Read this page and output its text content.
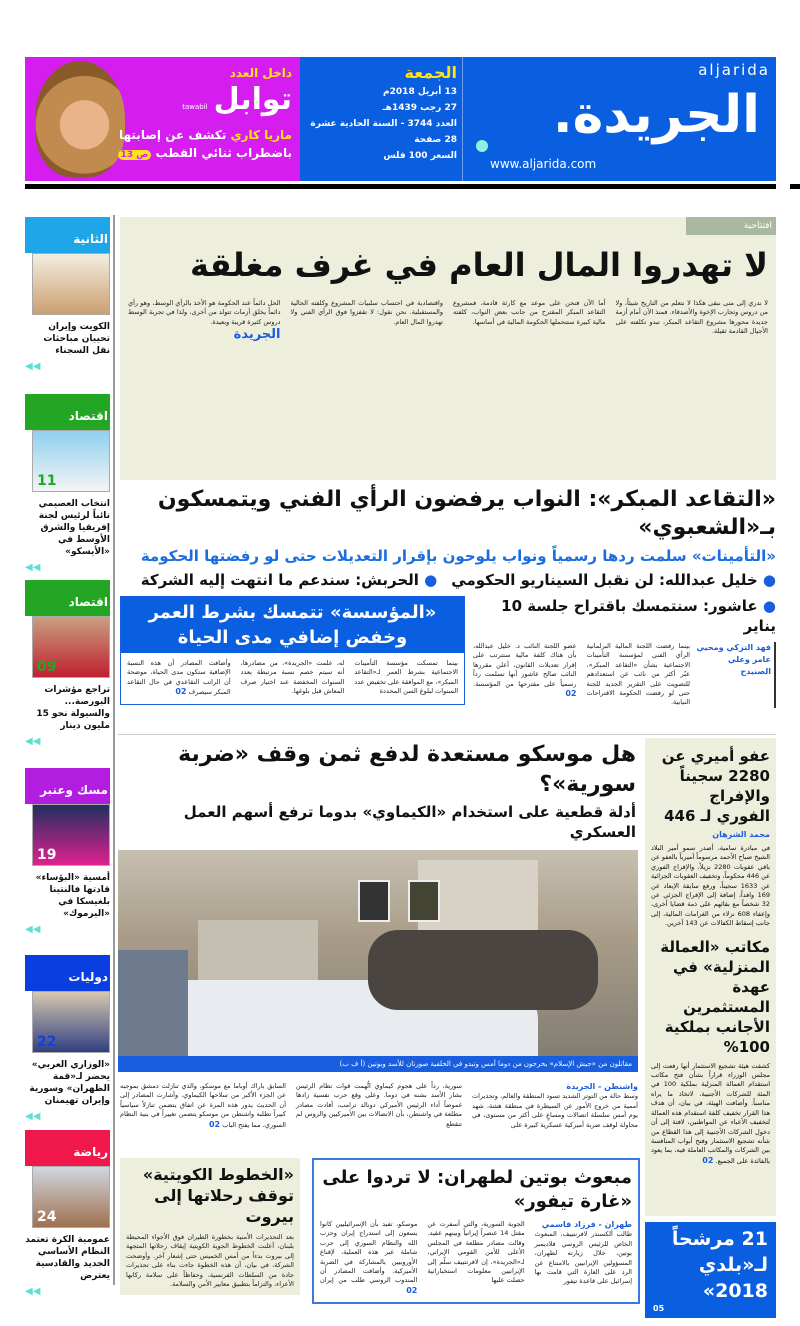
aljarida
الجريدة.
www.aljarida.com
الجمعة
13 أبريل 2018م
27 رجب 1439هـ
العدد 3744 - السنة الحادية عشرة
28 صفحة
السعر 100 فلس
داخل العدد
توابلtawabil
ماريا كاري تكشف عن إصابتها
باضطراب ثنائي القطب ص 13
الثانية
الكويت وإيران تحييان مباحثات نقل السجناء
◀◀
اقتصاد
11
انتخاب العصيمي نائباً لرئيس لجنة إفريقيا والشرق الأوسط في «الأيسكو»
◀◀
اقتصاد
09
تراجع مؤشرات البورصة... والسيولة نحو 15 مليون دينار
◀◀
مسك وعنبر
19
أمسية «البؤساء» قادتها فالنتينا بلغيسكا في «اليرموك»
◀◀
دوليات
22
«الوزاري العربي» يحضر لـ«قمة الظهران» وسورية وإيران تهيمنان
◀◀
رياضة
24
عمومية الكرة تعتمد النظام الأساسي الجديد والقادسية يعترض
◀◀
افتتاحية
لا تهدروا المال العام في غرف مغلقة
لا ندري إلى متى نبقى هكذا لا نتعلم من التاريخ شيئاً، ولا من دروس وتجارب الإخوة والأصدقاء. فمنذ الآن أمام أزمة جديدة محورها مشروع التقاعد المبكر، تبدو تكلفته على الأجيال القادمة ثقيلة.
أما الآن فنحن على موعد مع كارثة قادمة، فمشروع التقاعد المبكر المقترح من جانب بعض النواب، كلفته مالية كبيرة ستتحملها الحكومة المالية في أساسها.
واقتصادية في احتساب سلبيات المشروع وكلفته الحالية والمستقبلية. نحن نقول: لا تقفزوا فوق الرأي الفني ولا تهدروا المال العام.
الحل دائماً عند الحكومة هو الأخذ بالرأي الوسط، وهو رأي دائماً يخلق أزمات تتولد من أخرى، ولذا في تجربة الوسط دروس كثيرة قريبة وبعيدة.
الجريدة
«التقاعد المبكر»: النواب يرفضون الرأي الفني ويتمسكون بـ«الشعبوي»
«التأمينات» سلمت ردها رسمياً ونواب يلوحون بإقرار التعديلات حتى لو رفضتها الحكومة
● خليل عبدالله: لن نقبل السيناريو الحكومي● الحربش: سندعم ما انتهت إليه الشركة
● عاشور: سنتمسك باقتراح جلسة 10 يناير
فهد التركي ومحيي عامر وعلي الصنيدح
بينما رفضت اللجنة المالية البرلمانية الرأي الفني لمؤسسة التأمينات الاجتماعية بشأن «التقاعد المبكر»، عبّر أكثر من نائب عن استعدادهم للتصويت على التقرير الجديد للجنة حتى لو رفضت الحكومة الاقتراحات النيابية.
عضو اللجنة النائب د. خليل عبدالله، بأن هناك كلفة مالية ستترتب على إقرار تعديلات القانون، أعلن مقررها النائب صالح عاشور أنها تسلمت رداً رسمياً على مقترحها من المؤسسة. 02
«المؤسسة» تتمسك بشرط العمر وخفض إضافي مدى الحياة
بينما تمسكت مؤسسة التأمينات الاجتماعية بشرط العمر لـ«التقاعد المبكر»، مع الموافقة على تخفيض عدد السنوات لبلوغ السن المحددة
له، علمت «الجريدة»، من مصادرها، أنه سيتم خصم نسبة مرتبطة بعدد السنوات المخفضة عند اختيار صرف المعاش قبل بلوغها.
وأضافت المصادر أن هذه النسبة الإضافية ستكون مدى الحياة، موضحة أن الراتب التقاعدي في حال التقاعد المبكر سيصرف 02
هل موسكو مستعدة لدفع ثمن وقف «ضربة سورية»؟
أدلة قطعية على استخدام «الكيماوي» بدوما ترفع أسهم العمل العسكري
مقاتلون من «جيش الإسلام» يخرجون من دوما أمس وتبدو في الخلفية صورتان للأسد وبوتين (أ ف ب)
واشنطن - الجريدة
وسط حالة من التوتر الشديد تسود المنطقة والعالم، وتحذيرات أممية من خروج الأمور عن السيطرة في منطقة هشة، شهد يوم أمس سلسلة اتصالات ومساعٍ على أكثر من مستوى، في محاولة لوقف ضربة أميركية عسكرية كبيرة على
سورية، رداً على هجوم كيماوي اتُّهمت قوات نظام الرئيس بشار الأسد بشنه في دوما. وعلى وقع حرب نفسية زادها غموضاً أداء الرئيس الأميركي دونالد ترامب، أفادت مصادر مطلعة في واشنطن، بأن الاتصالات بين الأميركيين والروس لم تنقطع
السابق باراك أوباما مع موسكو، والذي تنازلت دمشق بموجبه عن الجزء الأكبر من سلاحها الكيماوي. وأشارت المصادر إلى أن الحديث يدور هذه المرة عن اتفاق يتضمن تنازلاً سياسياً كبيراً تطلبه واشنطن من موسكو يتضمن تغييراً في بنية النظام السوري، مما يفتح الباب 02
عفو أميري عن 2280 سجيناً والإفراج الفوري لـ 446
محمد الشرهان
في مبادرة سامية، أصدر سمو أمير البلاد الشيخ صباح الأحمد مرسوماً أميرياً بالعفو عن باقي عقوبات 2280 نزيلاً، والإفراج الفوري عن 446 محكوماً، وتخفيف العقوبات الجزائية عن 1633 سجيناً، ورفع سابقة الإبعاد عن 169 وافداً، إضافة إلى الإفراج الجزئي عن 32 شخصاً مع بقائهم على ذمة قضايا أخرى، وإعفاء 608 نزلاء من الغرامات المالية، إلى جانب إسقاط الكفالات عن 143 آخرين.
مكاتب «العمالة المنزلية» في عهدة المستثمرين الأجانب بملكية 100%
كشفت هيئة تشجيع الاستثمار أنها رفعت إلى مجلس الوزراء قراراً بشأن فتح مكاتب استقدام العمالة المنزلية بملكية 100 في المئة للشركات الأجنبية، لاتخاذ ما يراه مناسباً. وأضافت الهيئة، في بيان، أن هدف هذا القرار تخفيف كلفة استقدام هذه العمالة لتخفيف الأعباء عن المواطنين، لافتة إلى أن دخول الشركات الأجنبية إلى هذا القطاع من شأنه تشجيع الاستثمار وفتح أبواب المنافسة بين الشركات والمكاتب العاملة فيه، بما يعود بالفائدة على الجميع. 02
«الخطوط الكويتية» توقف رحلاتها إلى بيروت
بعد التحذيرات الأمنية بخطورة الطيران فوق الأجواء المحيطة بلبنان، أعلنت الخطوط الجوية الكويتية إيقاف رحلاتها المتجهة إلى بيروت بدءاً من أمس الخميس حتى إشعار آخر. وأوضحت الشركة، في بيان، أن هذه الخطوة جاءت بناء على تحذيرات جادة من السلطات الفرنسية، وحفاظاً على سلامة ركابها الأعزاء، والتزاماً بتطبيق معايير الأمن والسلامة.
مبعوث بوتين لطهران: لا تردوا على «غارة تيفور»
طهران - فرزاد قاسمي
طالب ألكسندر لافرنتييف، المبعوث الخاص للرئيس الروسي فلاديمير بوتين، خلال زيارته لطهران، المسؤولين الإيرانيين بالامتناع عن الرد على الغارة التي قامت بها إسرائيل على قاعدة تيفور
الجوية السورية، والتي أسفرت عن مقتل 14 عنصراً إيرانياً وبينهم عقيد. وقالت مصادر مطلعة في المجلس الأعلى للأمن القومي الإيراني، لـ«الجريدة»، إن لافرنتييف سلّم إلى الإيرانيين معلومات استخباراتية حصلت عليها
موسكو، تفيد بأن الإسرائيليين كانوا يسعون إلى استدراج إيران وحزب الله والنظام السوري إلى حرب شاملة عبر هذه العملية، لإقناع الأوروبيين بالمشاركة في الضربة الأميركية. وأضافت المصادر أن المندوب الروسي طلب من إيران 02
21 مرشحاً لـ«بلدي 2018»
05
